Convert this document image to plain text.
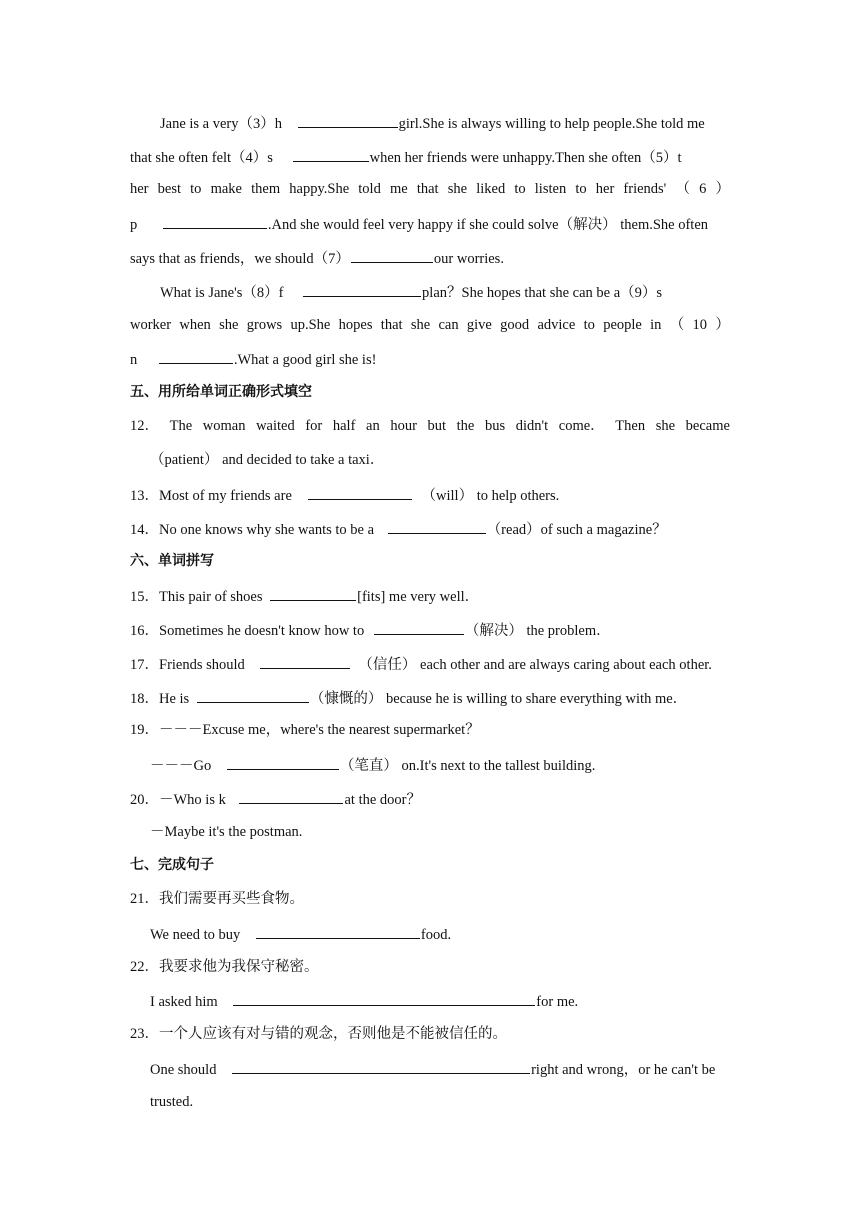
Jane is a very（3）h	girl.She is always willing to help people.She told me
that she often felt（4）s	when her friends were unhappy.Then she often（5）t
her best to make them happy.She told me that she liked to listen to her friends' （ 6 ）
p	.And she would feel very happy if she could solve（解决） them.She often
says that as friends，we should（7）	our worries.
What is Jane's（8）f	plan？She hopes that she can be a（9）s
worker when she grows up.She hopes that she can give good advice to people in （ 10 ）
n	.What a good girl she is!
五、用所给单词正确形式填空
12． The woman waited for half an hour but the bus didn't come． Then she became
（patient） and decided to take a taxi．
13．Most of my friends are	（will） to help others.
14．No one knows why she wants to be a	（read）of such a magazine？
六、单词拼写
15．This pair of shoes	[fits] me very well．
16．Sometimes he doesn't know how to	（解决） the problem．
17．Friends should	（信任） each other and are always caring about each other.
18．He is	（慷慨的） because he is willing to share everything with me．
19．－－－Excuse me，where's the nearest supermarket？
－－－Go	（笔直） on.It's next to the tallest building.
20．－Who is k	at the door？
－Maybe it's the postman.
七、完成句子
21．我们需要再买些食物。
We need to buy	food.
22．我要求他为我保守秘密。
I asked him	for me.
23．一个人应该有对与错的观念，否则他是不能被信任的。
One should	right and wrong，or he can't be
trusted.
